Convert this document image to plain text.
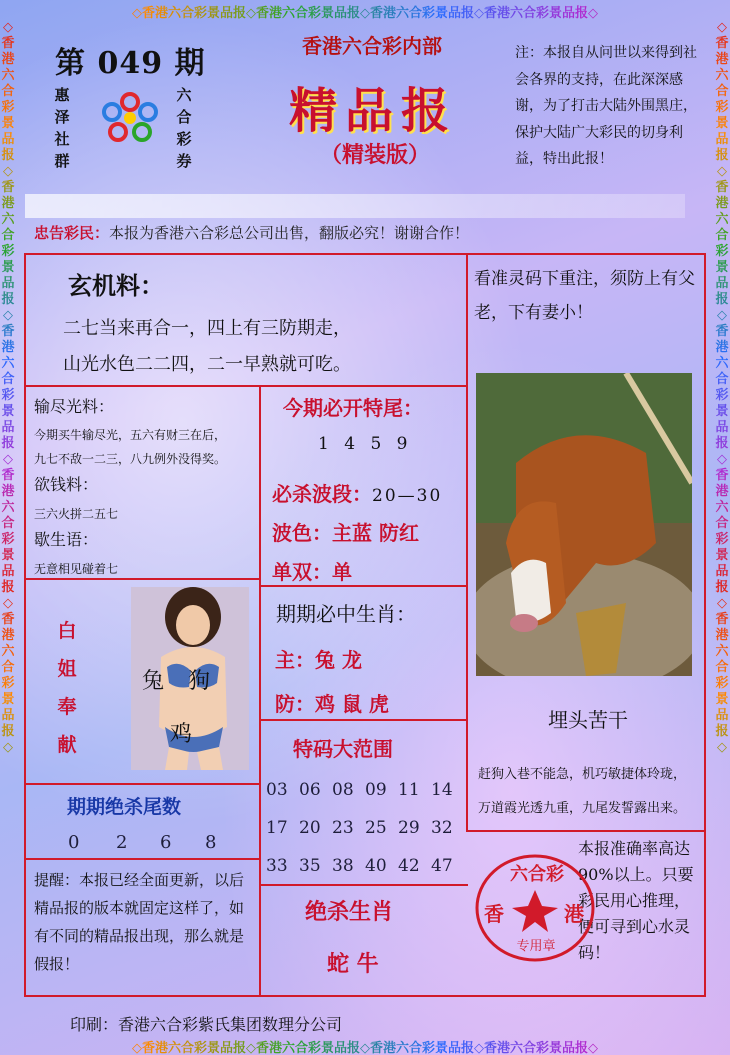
◇香港六合彩景品报◇香港六合彩景品报◇香港六合彩景品报◇香港六合彩景品报◇
◇香港六合彩景品报◇香港六合彩景品报◇香港六合彩景品报◇香港六合彩景品报◇
◇香港六合彩景品报◇香港六合彩景品报◇香港六合彩景品报◇香港六合彩景品报◇香港六合彩景品报◇
◇香港六合彩景品报◇香港六合彩景品报◇香港六合彩景品报◇香港六合彩景品报◇香港六合彩景品报◇
第 049 期
惠泽
社群
六合
彩券
香港六合彩内部
精品报
（精装版）
注：本报自从问世以来得到社会各界的支持，在此深深感谢，为了打击大陆外围黑庄，保护大陆广大彩民的切身利益，特出此报！
忠告彩民：本报为香港六合彩总公司出售，翻版必究！谢谢合作！
玄机料：
二七当来再合一，四上有三防期走，
山光水色二二四，二一早熟就可吃。
看准灵码下重注，须防上有父老，下有妻小！
埋头苦干
赶狗入巷不能急，机巧敏捷体玲珑，
万道霞光透九重，九尾发誓露出来。
输尽光料：
今期买牛输尽光，五六有财三在后，
九七不敌一二三，八九例外没得奖。
欲钱料：
三六火拼二五七
歇生语：
无意相见碰着七
今期必开特尾：
1 4 5 9
必杀波段：20—30
波色：主蓝 防红
单双：单
期期必中生肖：
主：兔 龙
防：鸡 鼠 虎
白姐奉献
兔 狗
鸡
期期绝杀尾数
0 2 6 8
特码大范围
03 06 08 09 11 14
17 20 23 25 29 32
33 35 38 40 42 47
提醒：本报已经全面更新，以后精品报的版本就固定这样了，如有不同的精品报出现，那么就是假报！
绝杀生肖
蛇 牛
本报准确率高达90%以上。只要彩民用心推理，便可寻到心水灵码！
六合彩
香	港
专用章
印刷：香港六合彩紫氏集团数理分公司
